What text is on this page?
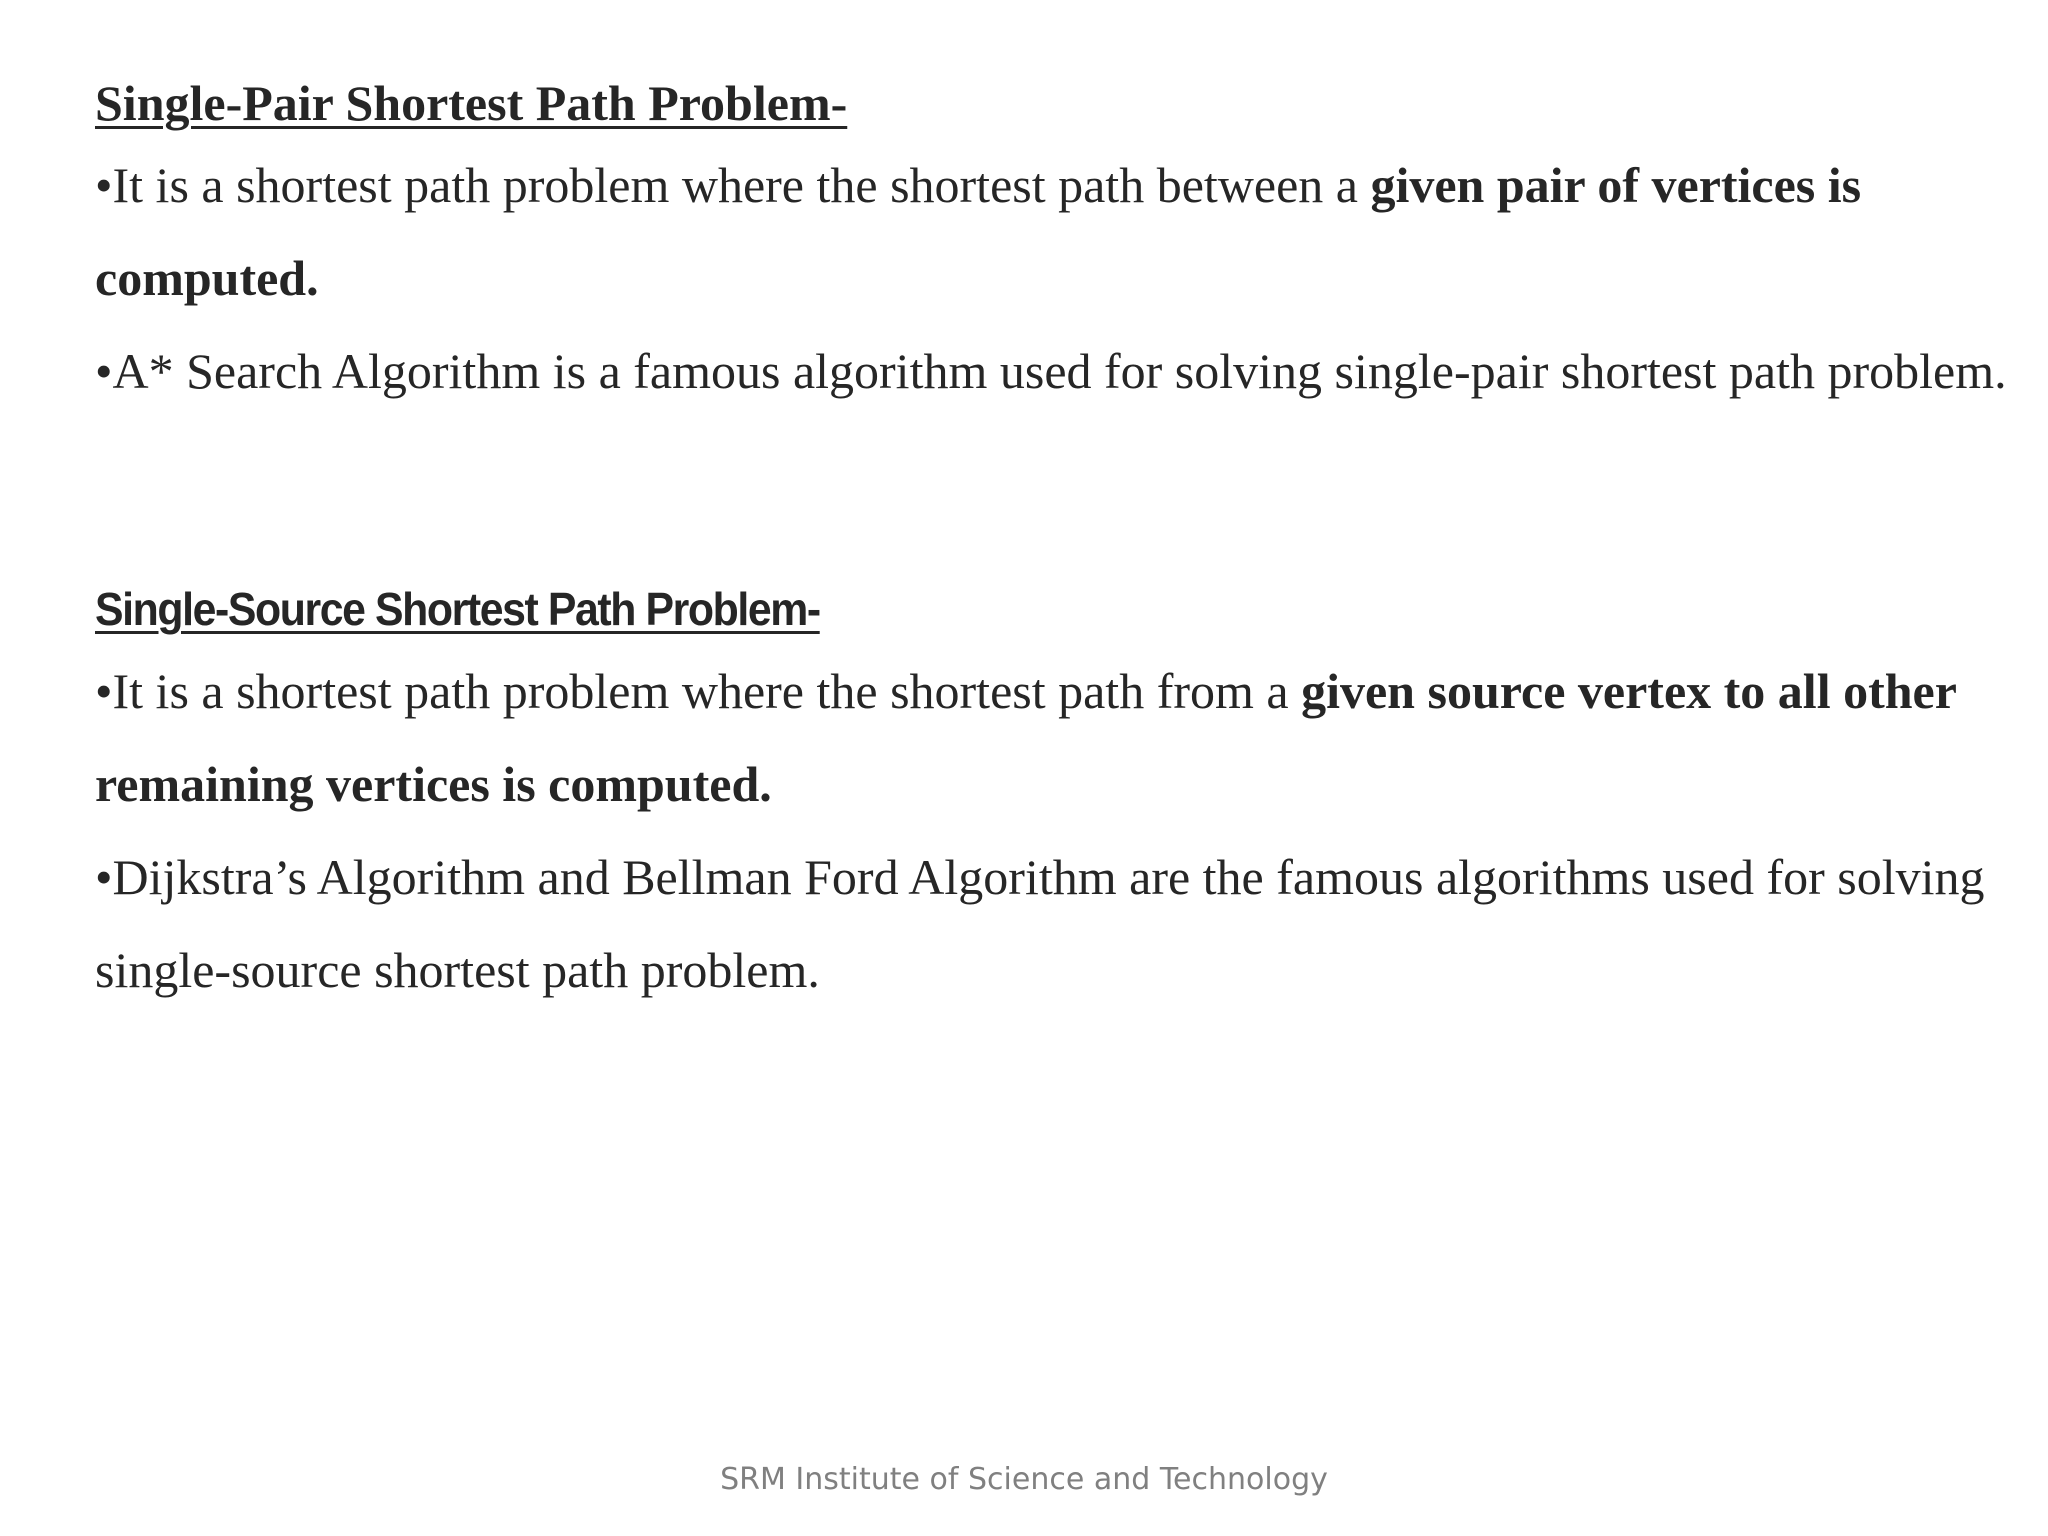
Single-Pair Shortest Path Problem-

•It is a shortest path problem where the shortest path between a given pair of vertices is computed.

•A* Search Algorithm is a famous algorithm used for solving single-pair shortest path problem.

Single-Source Shortest Path Problem-

•It is a shortest path problem where the shortest path from a given source vertex to all other remaining vertices is computed.

•Dijkstra’s Algorithm and Bellman Ford Algorithm are the famous algorithms used for solving single-source shortest path problem.

SRM Institute of Science and Technology
